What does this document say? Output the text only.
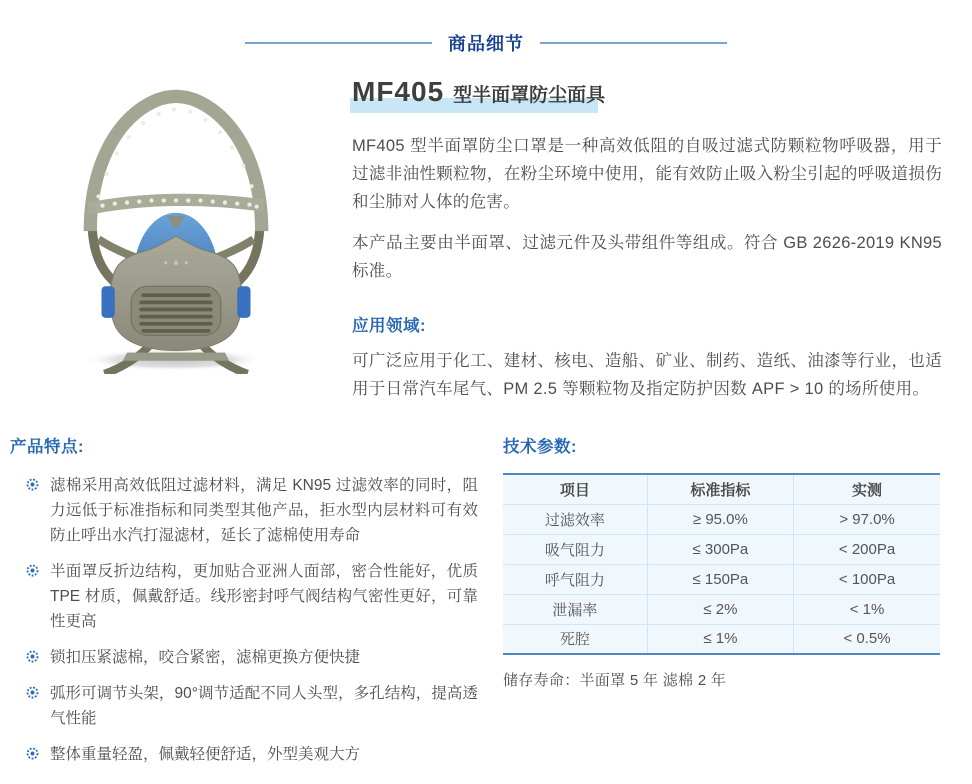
商品细节
MF405 型半面罩防尘面具

MF405 型半面罩防尘口罩是一种高效低阻的自吸过滤式防颗粒物呼吸器，用于过滤非油性颗粒物，在粉尘环境中使用，能有效防止吸入粉尘引起的呼吸道损伤和尘肺对人体的危害。

本产品主要由半面罩、过滤元件及头带组件等组成。符合 GB 2626-2019 KN95 标准。

应用领域:

可广泛应用于化工、建材、核电、造船、矿业、制药、造纸、油漆等行业，也适用于日常汽车尾气、PM 2.5 等颗粒物及指定防护因数 APF > 10 的场所使用。

产品特点:
滤棉采用高效低阻过滤材料，满足 KN95 过滤效率的同时，阻力远低于标准指标和同类型其他产品，拒水型内层材料可有效防止呼出水汽打湿滤材，延长了滤棉使用寿命
半面罩反折边结构，更加贴合亚洲人面部，密合性能好，优质 TPE 材质，佩戴舒适。线形密封呼气阀结构气密性更好，可靠性更高
锁扣压紧滤棉，咬合紧密，滤棉更换方便快捷
弧形可调节头架，90°调节适配不同人头型，多孔结构，提高透气性能
整体重量轻盈，佩戴轻便舒适，外型美观大方
技术参数:
项目	标准指标	实测
过滤效率	≥ 95.0%	> 97.0%
吸气阻力	≤ 300Pa	< 200Pa
呼气阻力	≤ 150Pa	< 100Pa
泄漏率	≤ 2%	< 1%
死腔	≤ 1%	< 0.5%
储存寿命：半面罩 5 年 滤棉 2 年
